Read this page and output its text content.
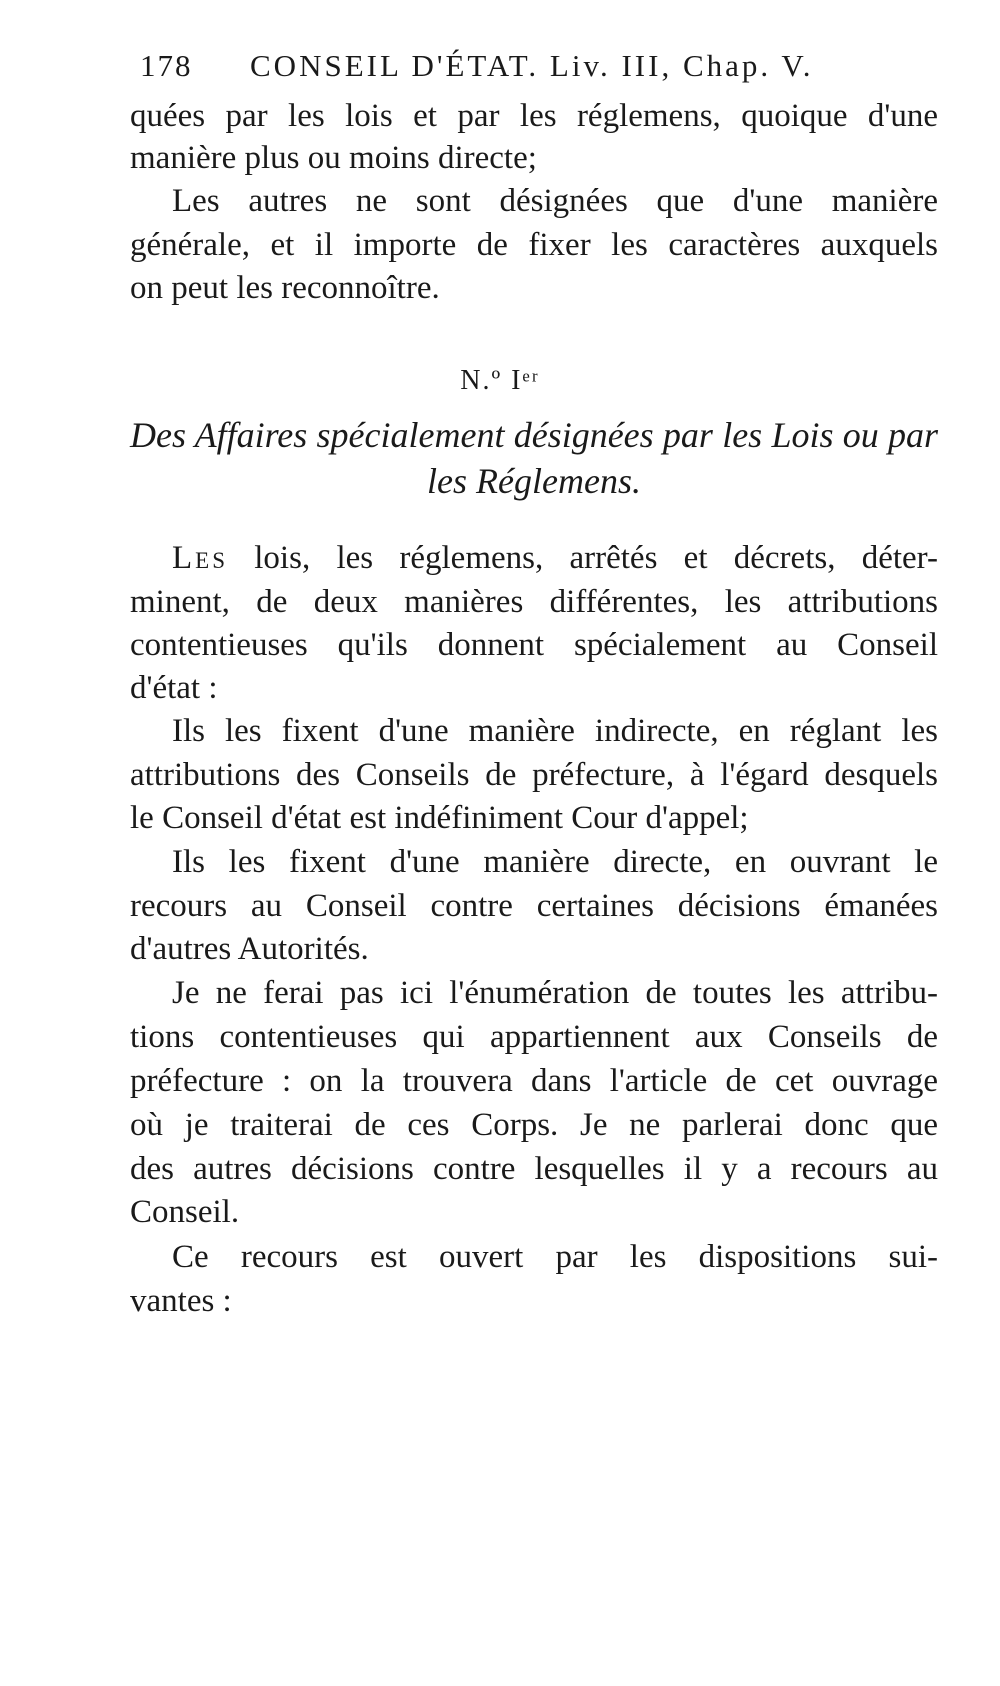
178 CONSEIL D'ÉTAT. Liv. III, Chap. V.
quées par les lois et par les réglemens, quoique d'une
manière plus ou moins directe;
Les autres ne sont désignées que d'une manière
générale, et il importe de fixer les caractères auxquels
on peut les reconnoître.
N.º Iᵉʳ
Des Affaires spécialement désignées par les Lois ou par
les Réglemens.
Les lois, les réglemens, arrêtés et décrets, déter-
minent, de deux manières différentes, les attributions
contentieuses qu'ils donnent spécialement au Conseil
d'état :
Ils les fixent d'une manière indirecte, en réglant les
attributions des Conseils de préfecture, à l'égard desquels
le Conseil d'état est indéfiniment Cour d'appel;
Ils les fixent d'une manière directe, en ouvrant le
recours au Conseil contre certaines décisions émanées
d'autres Autorités.
Je ne ferai pas ici l'énumération de toutes les attribu-
tions contentieuses qui appartiennent aux Conseils de
préfecture : on la trouvera dans l'article de cet ouvrage
où je traiterai de ces Corps. Je ne parlerai donc que
des autres décisions contre lesquelles il y a recours au
Conseil.
Ce recours est ouvert par les dispositions sui-
vantes :
